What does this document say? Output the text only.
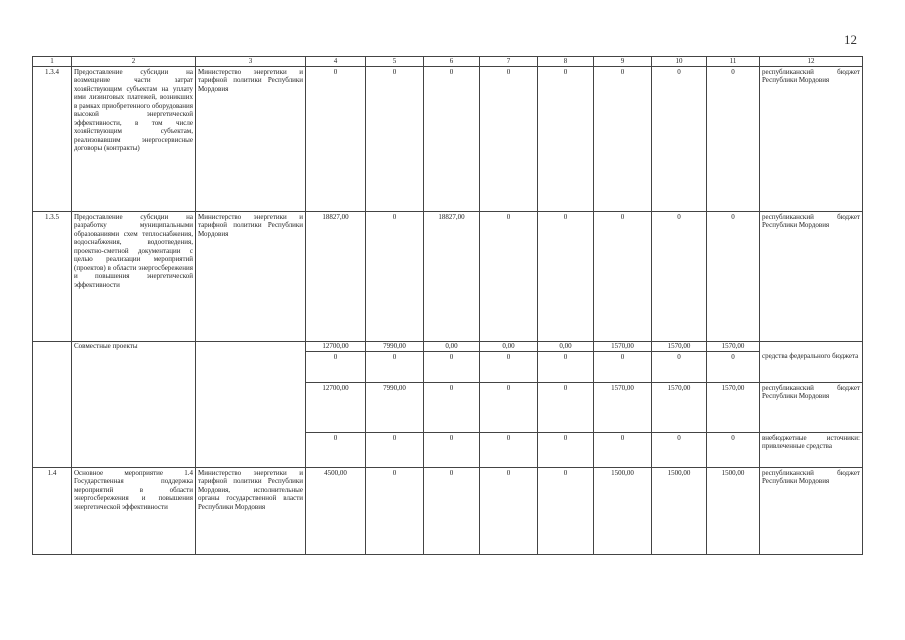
12
1	2	3	4	5	6	7	8	9	10	11	12
1.3.4	Предоставление субсидии на возмещение части затрат хозяйствующим субъектам на уплату ими лизинговых платежей, возникших в рамках приобретенного оборудования высокой энергетической эффективности, в том числе хозяйствующим субъектам, реализовавшим энергосервисные договоры (контракты)	Министерство энергетики и тарифной политики Республики Мордовия	0	0	0	0	0	0	0	0	республиканский бюджет Республики Мордовия
1.3.5	Предоставление субсидии на разработку муниципальными образованиями схем теплоснабжения, водоснабжения, водоотведения, проектно-сметной документации с целью реализации мероприятий (проектов) в области энергосбережения и повышения энергетической эффективности	Министерство энергетики и тарифной политики Республики Мордовия	18827,00	0	18827,00	0	0	0	0	0	республиканский бюджет Республики Мордовия
	Совместные проекты		12700,00	7990,00	0,00	0,00	0,00	1570,00	1570,00	1570,00	
			0	0	0	0	0	0	0	0	средства федерального бюджета
			12700,00	7990,00	0	0	0	1570,00	1570,00	1570,00	республиканский бюджет Республики Мордовия
			0	0	0	0	0	0	0	0	внебюджетные источники: привлеченные средства
1.4	Основное мероприятие 1.4 Государственная поддержка мероприятий в области энергосбережения и повышения энергетической эффективности	Министерство энергетики и тарифной политики Республики Мордовия, исполнительные органы государственной власти Республики Мордовия	4500,00	0	0	0	0	1500,00	1500,00	1500,00	республиканский бюджет Республики Мордовия
